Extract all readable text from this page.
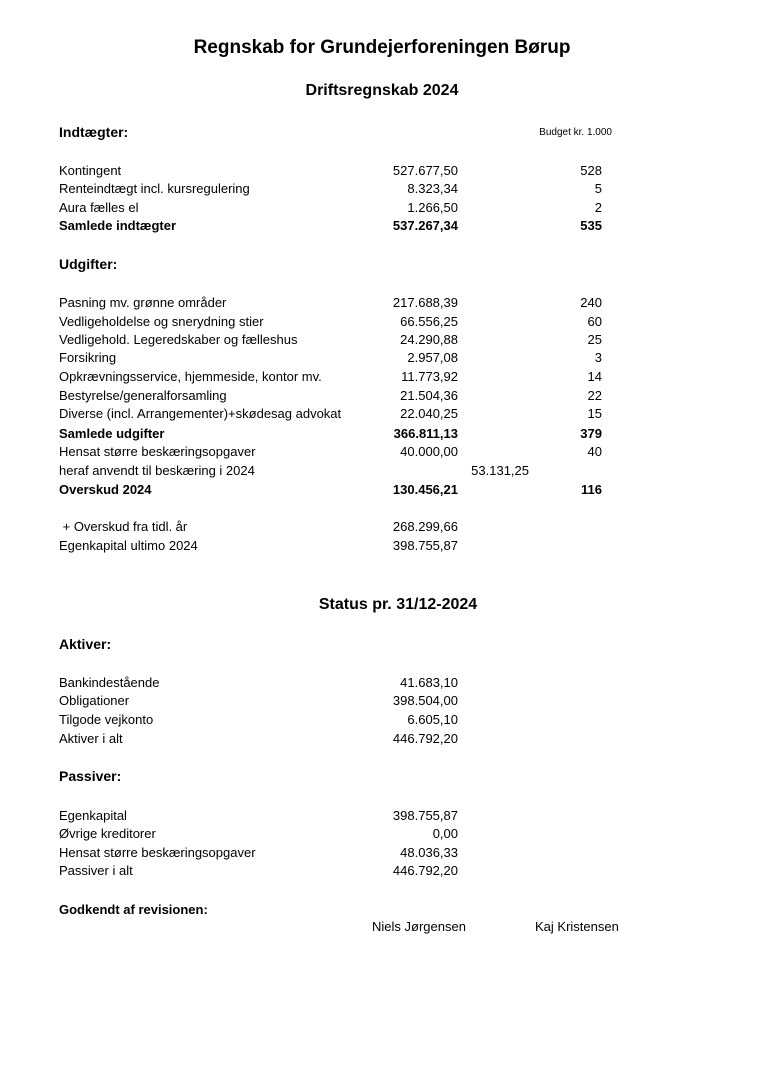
Regnskab for Grundejerforeningen Børup
Driftsregnskab 2024
Indtægter:	Budget kr. 1.000
Kontingent	527.677,50	528
Renteindtægt incl. kursregulering	8.323,34	5
Aura fælles el	1.266,50	2
Samlede indtægter	537.267,34	535
Udgifter:
Pasning mv. grønne områder	217.688,39	240
Vedligeholdelse og snerydning stier	66.556,25	60
Vedligehold. Legeredskaber og fælleshus	24.290,88	25
Forsikring	2.957,08	3
Opkrævningsservice, hjemmeside, kontor mv.	11.773,92	14
Bestyrelse/generalforsamling	21.504,36	22
Diverse (incl. Arrangementer)+skødesag advokat	22.040,25	15
Samlede udgifter	366.811,13	379
Hensat større beskæringsopgaver	40.000,00	40
heraf anvendt til beskæring i 2024	53.131,25
Overskud 2024	130.456,21	116
+ Overskud fra tidl. år	268.299,66
Egenkapital ultimo 2024	398.755,87
Status pr. 31/12-2024
Aktiver:
Bankindestående	41.683,10
Obligationer	398.504,00
Tilgode vejkonto	6.605,10
Aktiver i alt	446.792,20
Passiver:
Egenkapital	398.755,87
Øvrige kreditorer	0,00
Hensat større beskæringsopgaver	48.036,33
Passiver i alt	446.792,20
Godkendt af revisionen:
Niels Jørgensen	Kaj Kristensen
